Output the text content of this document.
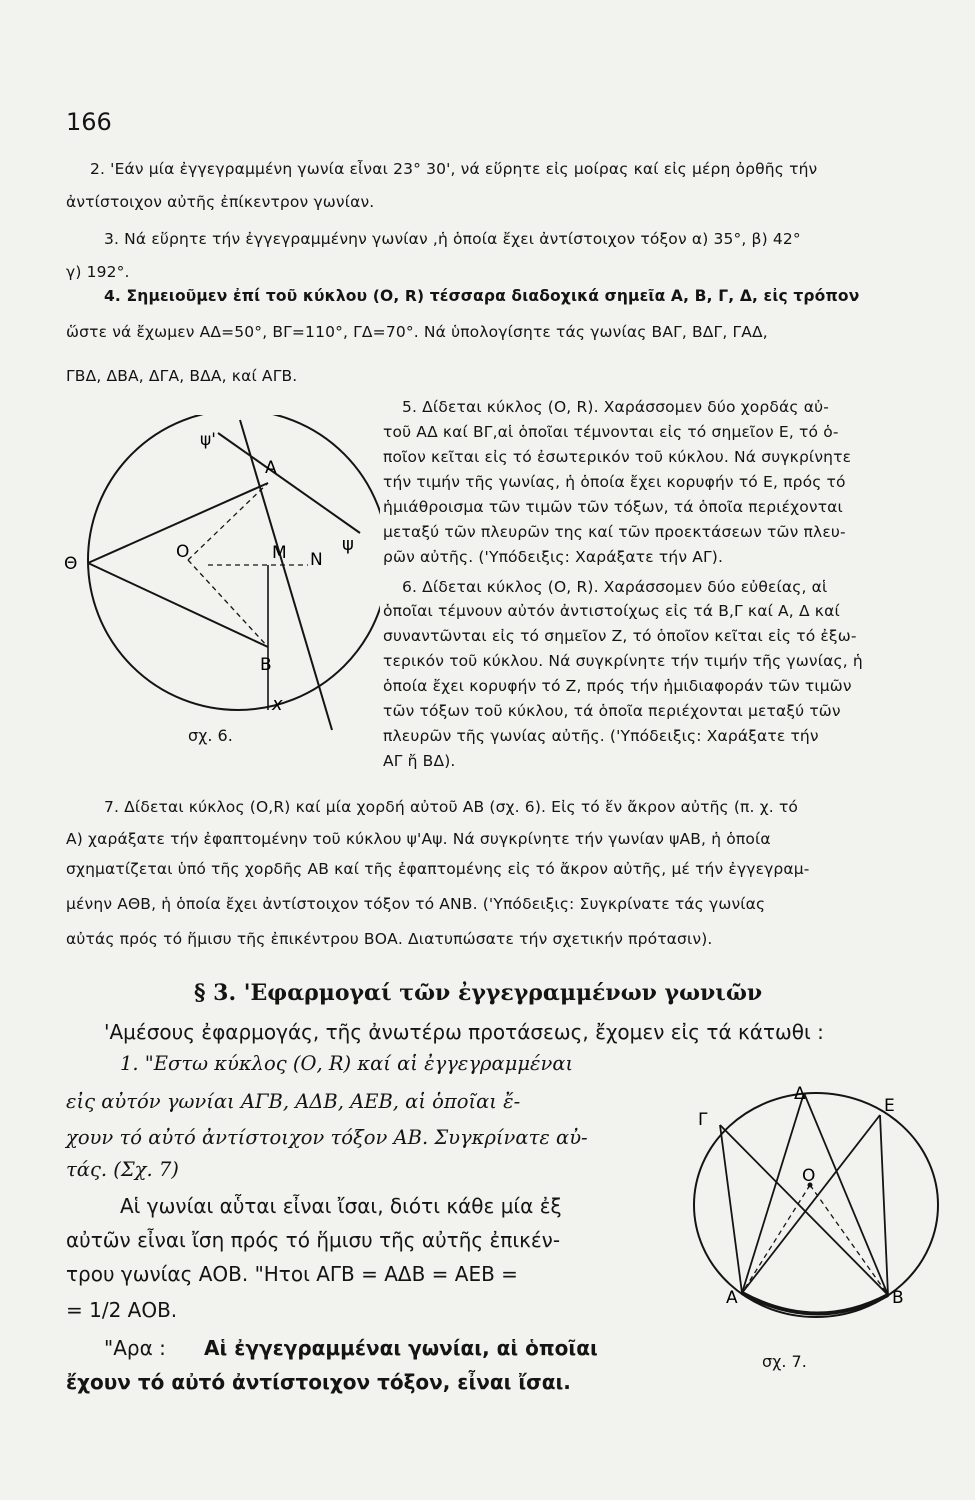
166
2. 'Εάν μία ἐγγεγραμμένη γωνία εἶναι 23° 30', νά εὕρητε εἰς μοίρας καί εἰς μέρη ὀρθῆς τήν
ἀντίστοιχον αὐτῆς ἐπίκεντρον γωνίαν.
3. Νά εὕρητε τήν ἐγγεγραμμένην γωνίαν ,ἡ ὁποία ἔχει ἀντίστοιχον τόξον α) 35°, β) 42°
γ) 192°.
4. Σημειοῦμεν ἐπί τοῦ κύκλου (Ο, R) τέσσαρα διαδοχικά σημεῖα Α, Β, Γ, Δ, εἰς τρόπον
ὥστε νά ἔχωμεν ΑΔ=50°, ΒΓ=110°, ΓΔ=70°. Νά ὑπολογίσητε τάς γωνίας ΒΑΓ, ΒΔΓ, ΓΑΔ,
ΓΒΔ, ΔΒΑ, ΔΓΑ, ΒΔΑ, καί ΑΓΒ.
5. Δίδεται κύκλος (Ο, R). Χαράσσομεν δύο χορδάς αὐ-
τοῦ ΑΔ καί ΒΓ,αἱ ὁποῖαι τέμνονται εἰς τό σημεῖον Ε, τό ὁ-
ποῖον κεῖται εἰς τό ἐσωτερικόν τοῦ κύκλου. Νά συγκρίνητε
τήν τιμήν τῆς γωνίας, ἡ ὁποία ἔχει κορυφήν τό Ε, πρός τό
ἡμιάθροισμα τῶν τιμῶν τῶν τόξων, τά ὁποῖα περιέχονται
μεταξύ τῶν πλευρῶν της καί τῶν προεκτάσεων τῶν πλευ-
ρῶν αὐτῆς. ('Υπόδειξις: Χαράξατε τήν ΑΓ).
6. Δίδεται κύκλος (Ο, R). Χαράσσομεν δύο εὐθείας, αἱ
ὁποῖαι τέμνουν αὐτόν ἀντιστοίχως εἰς τά Β,Γ καί Α, Δ καί
συναντῶνται εἰς τό σημεῖον Ζ, τό ὁποῖον κεῖται εἰς τό ἐξω-
τερικόν τοῦ κύκλου. Νά συγκρίνητε τήν τιμήν τῆς γωνίας, ἡ
ὁποία ἔχει κορυφήν τό Ζ, πρός τήν ἡμιδιαφοράν τῶν τιμῶν
τῶν τόξων τοῦ κύκλου, τά ὁποῖα περιέχονται μεταξύ τῶν
πλευρῶν τῆς γωνίας αὐτῆς. ('Υπόδειξις: Χαράξατε τήν
ΑΓ ἤ ΒΔ).
ψ'
Α
ψ
Θ
Ο	Μ Ν
Β
x
σχ. 6.
7. Δίδεται κύκλος (Ο,R) καί μία χορδή αὐτοῦ ΑΒ (σχ. 6). Εἰς τό ἕν ἄκρον αὐτῆς (π. χ. τό
Α) χαράξατε τήν ἐφαπτομένην τοῦ κύκλου ψ'Αψ. Νά συγκρίνητε τήν γωνίαν ψΑΒ, ἡ ὁποία
σχηματίζεται ὑπό τῆς χορδῆς ΑΒ καί τῆς ἐφαπτομένης εἰς τό ἄκρον αὐτῆς, μέ τήν ἐγγεγραμ-
μένην ΑΘΒ, ἡ ὁποία ἔχει ἀντίστοιχον τόξον τό ΑΝΒ. ('Υπόδειξις: Συγκρίνατε τάς γωνίας
αὐτάς πρός τό ἥμισυ τῆς ἐπικέντρου ΒΟΑ. Διατυπώσατε τήν σχετικήν πρότασιν).
§ 3. 'Εφαρμογαί τῶν ἐγγεγραμμένων γωνιῶν
'Αμέσους ἐφαρμογάς, τῆς ἀνωτέρω προτάσεως, ἔχομεν εἰς τά κάτωθι :
1. "Εστω κύκλος (Ο, R) καί αἱ ἐγγεγραμμέναι
εἰς αὐτόν γωνίαι ΑΓΒ, ΑΔΒ, ΑΕΒ, αἱ ὁποῖαι ἔ-
χουν τό αὐτό ἀντίστοιχον τόξον ΑΒ. Συγκρίνατε αὐ-
τάς. (Σχ. 7)
Αἱ γωνίαι αὗται εἶναι ἴσαι, διότι κάθε μία ἐξ
αὐτῶν εἶναι ἴση πρός τό ἥμισυ τῆς αὐτῆς ἐπικέν-
τρου γωνίας ΑΟΒ. "Ητοι ΑΓΒ = ΑΔΒ = ΑΕΒ =
= 1/2 ΑΟΒ.
"Αρα : Αἱ ἐγγεγραμμέναι γωνίαι, αἱ ὁποῖαι
ἔχουν τό αὐτό ἀντίστοιχον τόξον, εἶναι ἴσαι.
Γ
Δ
Ε
Ο
Α	Β
σχ. 7.
